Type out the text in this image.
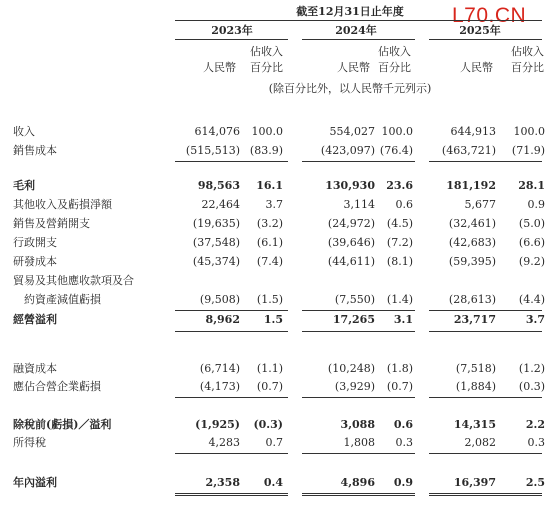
L70.CN
截至12月31日止年度
2023年	2024年	2025年
佔收入
百分比
佔收入
百分比
佔收入
百分比
人民幣	人民幣	人民幣
(除百分比外，以人民幣千元列示)
收入	614,076 100.0	554,027 100.0	644,913 100.0
銷售成本	(515,513) (83.9)	(423,097) (76.4)	(463,721) (71.9)
毛利	98,563 16.1	130,930 23.6	181,192 28.1
其他收入及虧損淨額	22,464 3.7	3,114 0.6	5,677	0.9
銷售及營銷開支	(19,635) (3.2)	(24,972) (4.5)	(32,461) (5.0)
行政開支	(37,548) (6.1)	(39,646) (7.2)	(42,683) (6.6)
研發成本	(45,374) (7.4)	(44,611) (8.1)	(59,395) (9.2)
貿易及其他應收款項及合
約資產減值虧損	(9,508) (1.5)	(7,550) (1.4)	(28,613) (4.4)
經營溢利	8,962 1.5	17,265 3.1	23,717	3.7
融資成本	(6,714) (1.1)	(10,248) (1.8)	(7,518) (1.2)
應佔合營企業虧損	(4,173) (0.7)	(3,929) (0.7)	(1,884) (0.3)
除稅前(虧損)／溢利	(1,925) (0.3)	3,088 0.6	14,315	2.2
所得稅	4,283 0.7	1,808 0.3	2,082	0.3
年內溢利	2,358 0.4	4,896 0.9	16,397	2.5
